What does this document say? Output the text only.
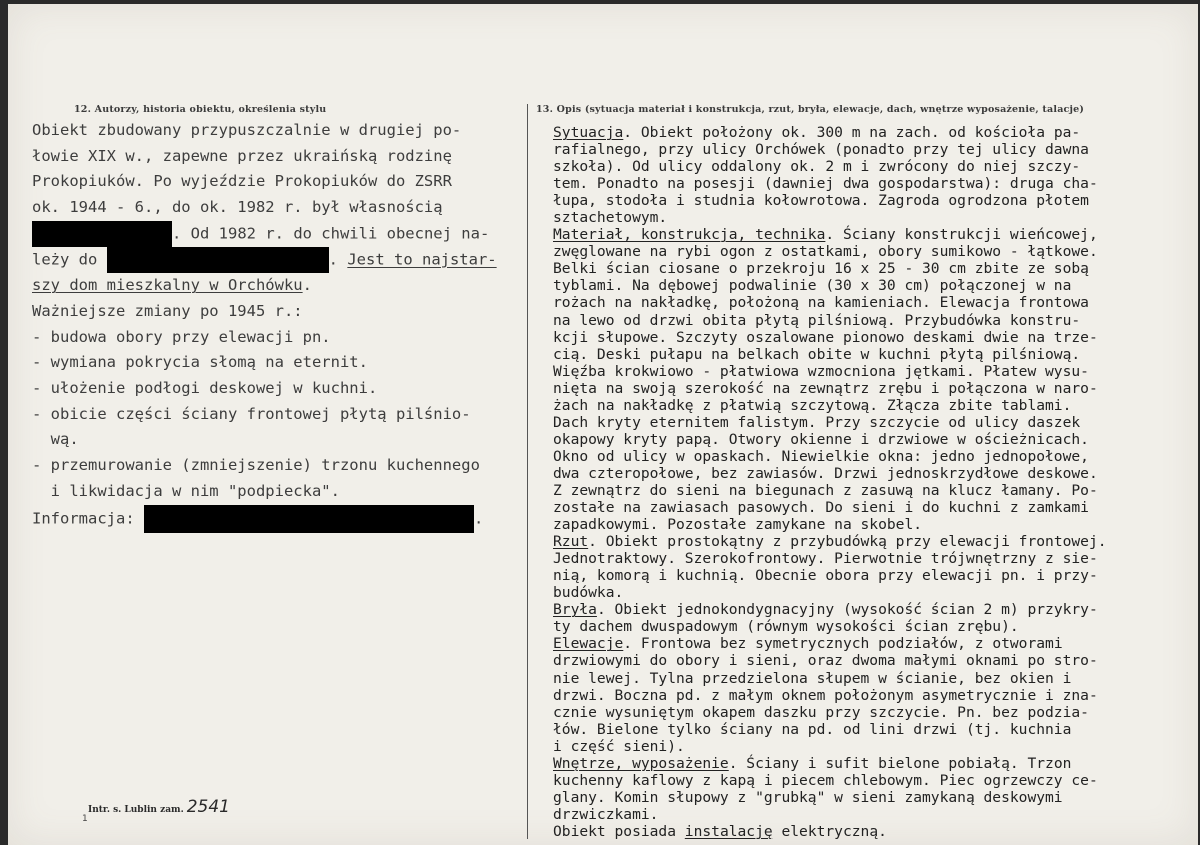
12. Autorzy, historia obiektu, określenia stylu	13. Opis (sytuacja materiał i konstrukcja, rzut, bryła, elewacje, dach, wnętrze wyposażenie, talacje)
Obiekt zbudowany przypuszczalnie w drugiej po-
łowie XIX w., zapewne przez ukraińską rodzinę
Prokopiuków. Po wyjeździe Prokopiuków do ZSRR
ok. 1944 - 6., do ok. 1982 r. był własnością
. Od 1982 r. do chwili obecnej na-
leży do	. Jest to najstar-
szy dom mieszkalny w Orchówku.
Ważniejsze zmiany po 1945 r.:
- budowa obory przy elewacji pn.
- wymiana pokrycia słomą na eternit.
- ułożenie podłogi deskowej w kuchni.
- obicie części ściany frontowej płytą pilśnio-
wą.
- przemurowanie (zmniejszenie) trzonu kuchennego
i likwidacja w nim "podpiecka".
Informacja:	.
Sytuacja. Obiekt położony ok. 300 m na zach. od kościoła pa-
rafialnego, przy ulicy Orchówek (ponadto przy tej ulicy dawna
szkoła). Od ulicy oddalony ok. 2 m i zwrócony do niej szczy-
tem. Ponadto na posesji (dawniej dwa gospodarstwa): druga cha-
łupa, stodoła i studnia kołowrotowa. Zagroda ogrodzona płotem
sztachetowym.
Materiał, konstrukcja, technika. Ściany konstrukcji wieńcowej,
zwęglowane na rybi ogon z ostatkami, obory sumikowo - łątkowe.
Belki ścian ciosane o przekroju 16 x 25 - 30 cm zbite ze sobą
tyblami. Na dębowej podwalinie (30 x 30 cm) połączonej w na
rożach na nakładkę, położoną na kamieniach. Elewacja frontowa
na lewo od drzwi obita płytą pilśniową. Przybudówka konstru-
kcji słupowe. Szczyty oszalowane pionowo deskami dwie na trze-
cią. Deski pułapu na belkach obite w kuchni płytą pilśniową.
Więźba krokwiowo - płatwiowa wzmocniona jętkami. Płatew wysu-
nięta na swoją szerokość na zewnątrz zrębu i połączona w naro-
żach na nakładkę z płatwią szczytową. Złącza zbite tablami.
Dach kryty eternitem falistym. Przy szczycie od ulicy daszek
okapowy kryty papą. Otwory okienne i drzwiowe w ościeżnicach.
Okno od ulicy w opaskach. Niewielkie okna: jedno jednopołowe,
dwa czteropołowe, bez zawiasów. Drzwi jednoskrzydłowe deskowe.
Z zewnątrz do sieni na biegunach z zasuwą na klucz łamany. Po-
zostałe na zawiasach pasowych. Do sieni i do kuchni z zamkami
zapadkowymi. Pozostałe zamykane na skobel.
Rzut. Obiekt prostokątny z przybudówką przy elewacji frontowej.
Jednotraktowy. Szerokofrontowy. Pierwotnie trójwnętrzny z sie-
nią, komorą i kuchnią. Obecnie obora przy elewacji pn. i przy-
budówka.
Bryła. Obiekt jednokondygnacyjny (wysokość ścian 2 m) przykry-
ty dachem dwuspadowym (równym wysokości ścian zrębu).
Elewacje. Frontowa bez symetrycznych podziałów, z otworami
drzwiowymi do obory i sieni, oraz dwoma małymi oknami po stro-
nie lewej. Tylna przedzielona słupem w ścianie, bez okien i
drzwi. Boczna pd. z małym oknem położonym asymetrycznie i zna-
cznie wysuniętym okapem daszku przy szczycie. Pn. bez podzia-
łów. Bielone tylko ściany na pd. od lini drzwi (tj. kuchnia
i część sieni).
Wnętrze, wyposażenie. Ściany i sufit bielone pobiałą. Trzon
kuchenny kaflowy z kapą i piecem chlebowym. Piec ogrzewczy ce-
glany. Komin słupowy z "grubką" w sieni zamykaną deskowymi
drzwiczkami.
Obiekt posiada instalację elektryczną.
Intr. s. Lublin zam. 2541
1
